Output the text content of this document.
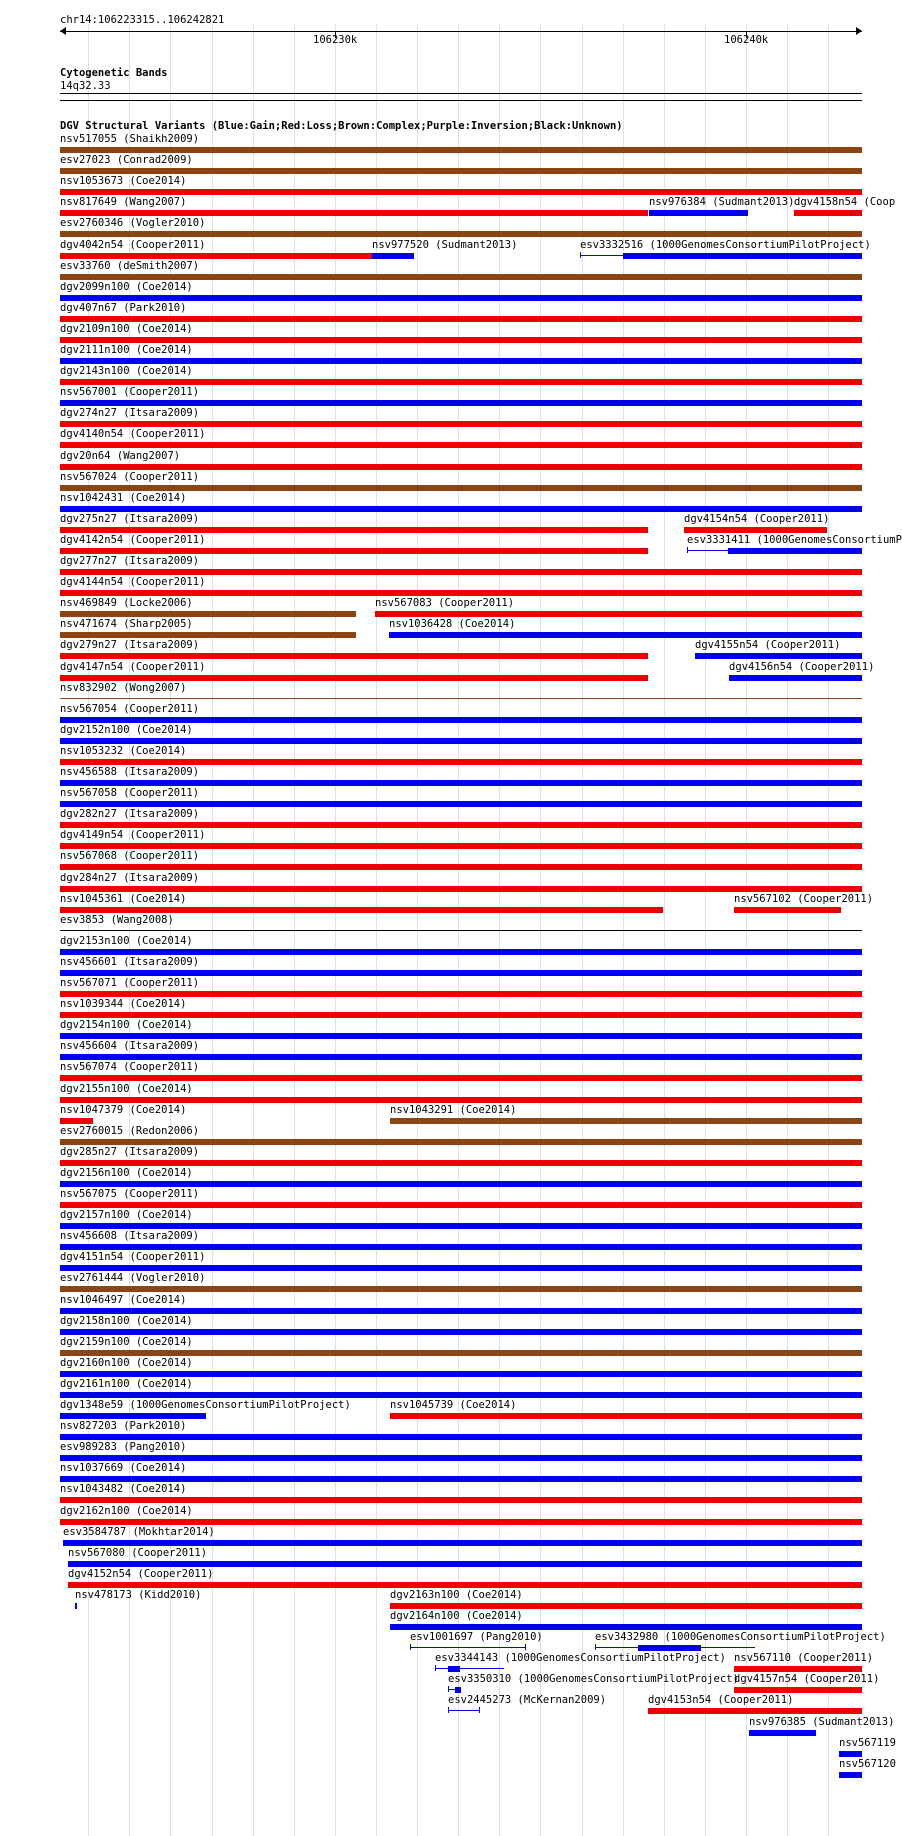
chr14:106223315..106242821
106230k	106240k
Cytogenetic Bands
14q32.33
DGV Structural Variants (Blue:Gain;Red:Loss;Brown:Complex;Purple:Inversion;Black:Unknown)
nsv517055 (Shaikh2009)
esv27023 (Conrad2009)
nsv1053673 (Coe2014)
nsv817649 (Wang2007)	nsv976384 (Sudmant2013) dgv4158n54 (Coop
esv2760346 (Vogler2010)
dgv4042n54 (Cooper2011)	nsv977520 (Sudmant2013)	esv3332516 (1000GenomesConsortiumPilotProject)
esv33760 (deSmith2007)
dgv2099n100 (Coe2014)
dgv407n67 (Park2010)
dgv2109n100 (Coe2014)
dgv2111n100 (Coe2014)
dgv2143n100 (Coe2014)
nsv567001 (Cooper2011)
dgv274n27 (Itsara2009)
dgv4140n54 (Cooper2011)
dgv20n64 (Wang2007)
nsv567024 (Cooper2011)
nsv1042431 (Coe2014)
dgv275n27 (Itsara2009)	dgv4154n54 (Cooper2011)
dgv4142n54 (Cooper2011)	esv3331411 (1000GenomesConsortiumP
dgv277n27 (Itsara2009)
dgv4144n54 (Cooper2011)
nsv469849 (Locke2006)	nsv567083 (Cooper2011)
nsv471674 (Sharp2005)	nsv1036428 (Coe2014)
dgv279n27 (Itsara2009)	dgv4155n54 (Cooper2011)
dgv4147n54 (Cooper2011)	dgv4156n54 (Cooper2011)
nsv832902 (Wong2007)
nsv567054 (Cooper2011)
dgv2152n100 (Coe2014)
nsv1053232 (Coe2014)
nsv456588 (Itsara2009)
nsv567058 (Cooper2011)
dgv282n27 (Itsara2009)
dgv4149n54 (Cooper2011)
nsv567068 (Cooper2011)
dgv284n27 (Itsara2009)
nsv1045361 (Coe2014)	nsv567102 (Cooper2011)
esv3853 (Wang2008)
dgv2153n100 (Coe2014)
nsv456601 (Itsara2009)
nsv567071 (Cooper2011)
nsv1039344 (Coe2014)
dgv2154n100 (Coe2014)
nsv456604 (Itsara2009)
nsv567074 (Cooper2011)
dgv2155n100 (Coe2014)
nsv1047379 (Coe2014)	nsv1043291 (Coe2014)
esv2760015 (Redon2006)
dgv285n27 (Itsara2009)
dgv2156n100 (Coe2014)
nsv567075 (Cooper2011)
dgv2157n100 (Coe2014)
nsv456608 (Itsara2009)
dgv4151n54 (Cooper2011)
esv2761444 (Vogler2010)
nsv1046497 (Coe2014)
dgv2158n100 (Coe2014)
dgv2159n100 (Coe2014)
dgv2160n100 (Coe2014)
dgv2161n100 (Coe2014)
dgv1348e59 (1000GenomesConsortiumPilotProject)	nsv1045739 (Coe2014)
nsv827203 (Park2010)
esv989283 (Pang2010)
nsv1037669 (Coe2014)
nsv1043482 (Coe2014)
dgv2162n100 (Coe2014)
esv3584787 (Mokhtar2014)
nsv567080 (Cooper2011)
dgv4152n54 (Cooper2011)
nsv478173 (Kidd2010)	dgv2163n100 (Coe2014)
dgv2164n100 (Coe2014)
esv1001697 (Pang2010)	esv3432980 (1000GenomesConsortiumPilotProject)
esv3344143 (1000GenomesConsortiumPilotProject) nsv567110 (Cooper2011)
esv3350310 (1000GenomesConsortiumPilotProject)
dgv4157n54 (Cooper2011)
esv2445273 (McKernan2009)	dgv4153n54 (Cooper2011)
nsv976385 (Sudmant2013)
nsv567119
nsv567120
